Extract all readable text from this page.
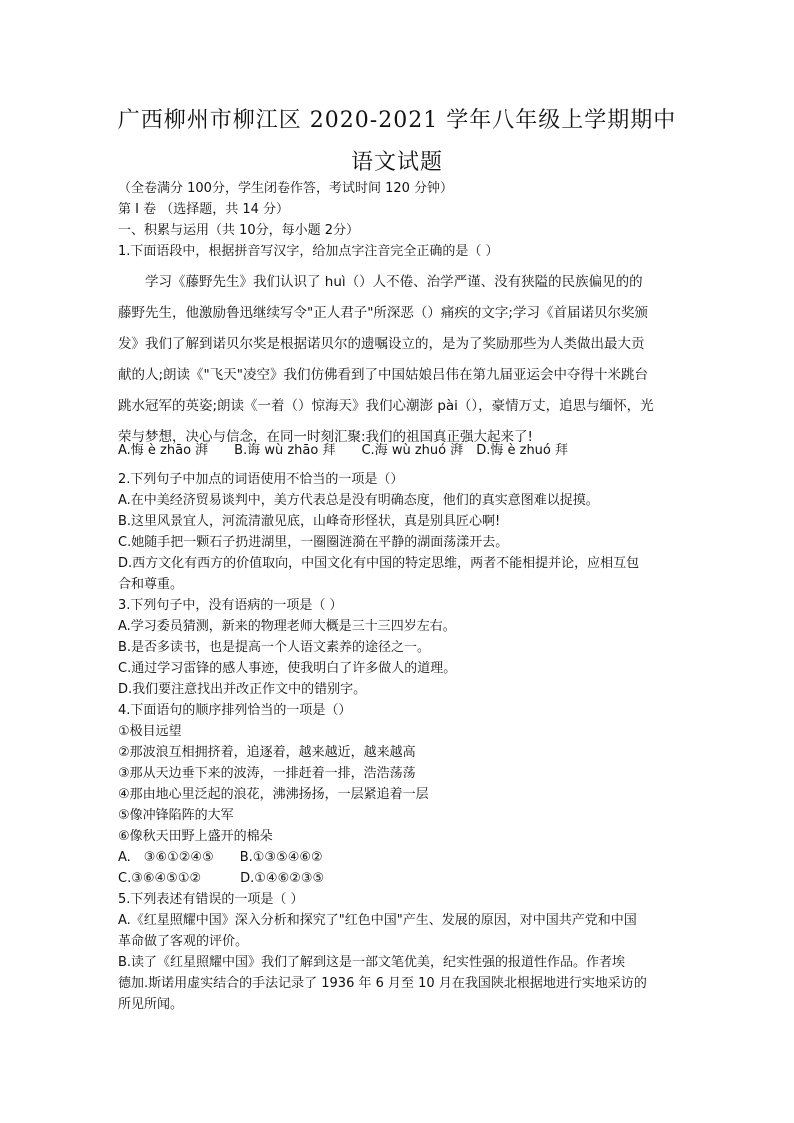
广西柳州市柳江区 2020-2021 学年八年级上学期期中
语文试题
（全卷满分 100分，学生闭卷作答，考试时间 120 分钟）
第 I 卷 （选择题，共 14 分）
一、积累与运用（共 10分，每小题 2分）
1.下面语段中，根据拼音写汉字，给加点字注音完全正确的是（ ）
　　学习《藤野先生》我们认识了 huì（）人不倦、治学严谨、没有狭隘的民族偏见的的
藤野先生，他激励鲁迅继续写令"正人君子"所深恶（）痛疾的文字;学习《首届诺贝尔奖颁
发》我们了解到诺贝尔奖是根据诺贝尔的遗嘱设立的，是为了奖励那些为人类做出最大贡
献的人;朗读《"飞天"凌空》我们仿佛看到了中国姑娘吕伟在第九届亚运会中夺得十米跳台
跳水冠军的英姿;朗读《一着（）惊海天》我们心潮澎 pài（），豪情万丈，追思与缅怀，光
荣与梦想，决心与信念，在同一时刻汇聚:我们的祖国真正强大起来了!
A.悔 è zhāo 湃　　B.诲 wù zhāo 拜　　C.海 wù zhuó 湃　D.悔 è zhuó 拜
2.下列句子中加点的词语使用不恰当的一项是（）
A.在中美经济贸易谈判中，美方代表总是没有明确态度，他们的真实意图难以捉摸。
B.这里风景宜人，河流清澈见底，山峰奇形怪状，真是别具匠心啊!
C.她随手把一颗石子扔进湖里，一圈圈涟漪在平静的湖面荡漾开去。
D.西方文化有西方的价值取向，中国文化有中国的特定思维，两者不能相提并论，应相互包
合和尊重。
3.下列句子中，没有语病的一项是（ ）
A.学习委员猜测，新来的物理老师大概是三十三四岁左右。
B.是否多读书，也是提高一个人语文素养的途径之一。
C.通过学习雷锋的感人事迹，使我明白了许多做人的道理。
D.我们要注意找出并改正作文中的错别字。
4.下面语句的顺序排列恰当的一项是（）
①极目远望
②那波浪互相拥挤着，追逐着，越来越近，越来越高
③那从天边垂下来的波涛，一排赶着一排，浩浩荡荡
④那由地心里泛起的浪花，沸沸扬扬，一层紧追着一层
⑤像冲锋陷阵的大军
⑥像秋天田野上盛开的棉朵
A.　③⑥①②④⑤　　B.①③⑤④⑥②
C.③⑥④⑤①②　　　D.①④⑥②③⑤
5.下列表述有错误的一项是（ ）
A.《红星照耀中国》深入分析和探究了"红色中国"产生、发展的原因，对中国共产党和中国
革命做了客观的评价。
B.读了《红星照耀中国》我们了解到这是一部文笔优美，纪实性强的报道性作品。作者埃
德加.斯诺用虚实结合的手法记录了 1936 年 6 月至 10 月在我国陕北根据地进行实地采访的
所见所闻。
